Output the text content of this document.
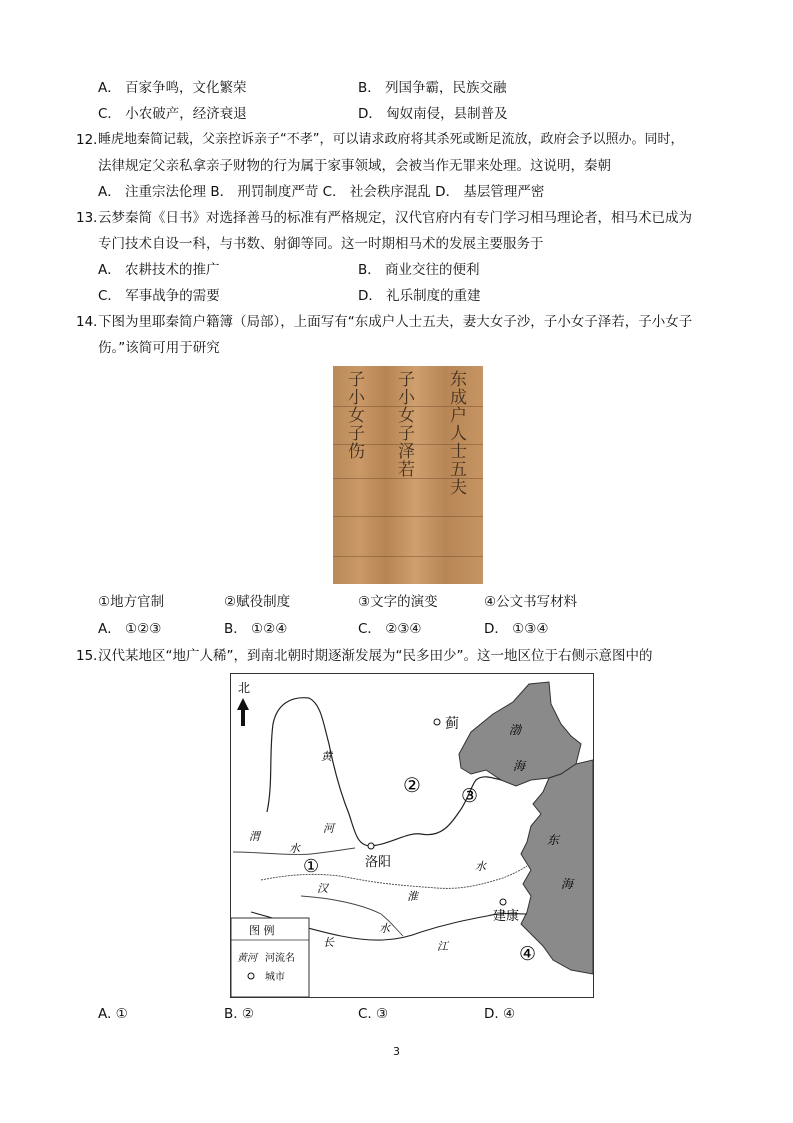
A． 百家争鸣，文化繁荣	B． 列国争霸，民族交融
C． 小农破产，经济衰退	D． 匈奴南侵，县制普及
12．
睡虎地秦简记载，父亲控诉亲子“不孝”，可以请求政府将其杀死或断足流放，政府会予以照办。同时，
法律规定父亲私拿亲子财物的行为属于家事领域，会被当作无罪来处理。这说明，秦朝
A． 注重宗法伦理 B． 刑罚制度严苛 C． 社会秩序混乱 D． 基层管理严密
13．
云梦秦简《日书》对选择善马的标准有严格规定，汉代官府内有专门学习相马理论者，相马术已成为
专门技术自设一科，与书数、射御等同。这一时期相马术的发展主要服务于
A． 农耕技术的推广	B． 商业交往的便利
C． 军事战争的需要	D． 礼乐制度的重建
14．
下图为里耶秦简户籍簿（局部），上面写有“东成户人士五夫，妻大女子沙，子小女子泽若，子小女子
伤。”该简可用于研究
子小女子伤 子小女子泽若 东成户人士五夫
①地方官制	②赋役制度	③文字的演变	④公文书写材料
A． ①②③	B． ①②④	C． ②③④	D． ①③④
15．
汉代某地区“地广人稀”，到南北朝时期逐渐发展为“民多田少”。这一地区位于右侧示意图中的
北
蓟
洛阳
建康
渤
海
东
海
黄
河
渭
水
淮
水
汉
水
长	江
①
② ③
④
图 例
黄河 河流名
城市
A. ①	B. ②	C. ③	D. ④
3
